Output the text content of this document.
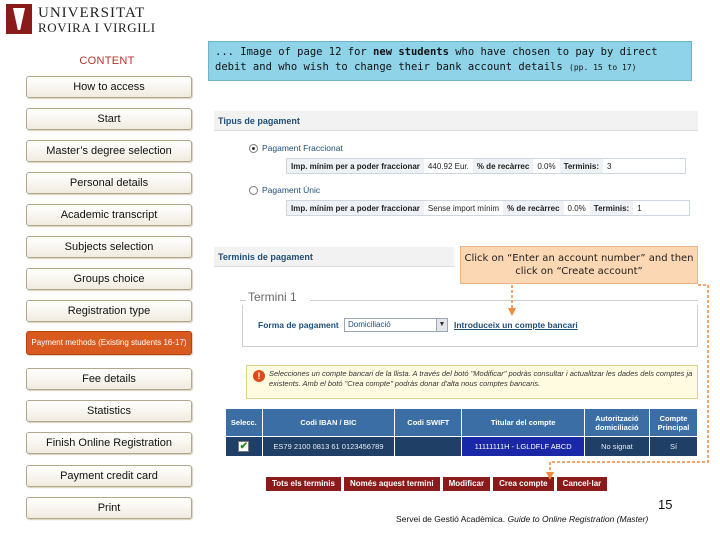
UNIVERSITAT
ROVIRA I VIRGILI
CONTENT
How to access
Start
Master’s degree selection
Personal details
Academic transcript
Subjects selection
Groups choice
Registration type
Payment methods (Existing students 16-17)
Fee details
Statistics
Finish Online Registration
Payment credit card
Print
... Image of page 12 for new students who have chosen to pay by direct debit and who wish to change their bank account details (pp. 15 to 17)
Tipus de pagament
Pagament Fraccionat
Imp. mínim per a poder fraccionar	440.92 Eur.	% de recàrrec	0.0%	Terminis:	3
Pagament Únic
Imp. mínim per a poder fraccionar	Sense import mínim	% de recàrrec	0.0%	Terminis:	1
Terminis de pagament
Termini 1
Forma de pagament	Domiciliació	▼ Introduceix un compte bancari
!	Selecciones un compte bancari de la llista. A través del botó "Modificar" podràs consultar i actualitzar les dades dels comptes ja existents. Amb el botó "Crea compte" podràs donar d'alta nous comptes bancaris.
Selecc.	Codi IBAN / BIC	Codi SWIFT	Titular del compte	Autorització domiciliació	Compte Principal
✔	ES79 2100 0813 61 0123456789		11111111H - LGLDFLF ABCD	No signat	Sí
Tots els terminis	Només aquest termini	Modificar	Crea compte	Cancel·lar
Click on “Enter an account number” and then click on “Create account”
15
Servei de Gestió Acadèmica. Guide to Online Registration (Master)
